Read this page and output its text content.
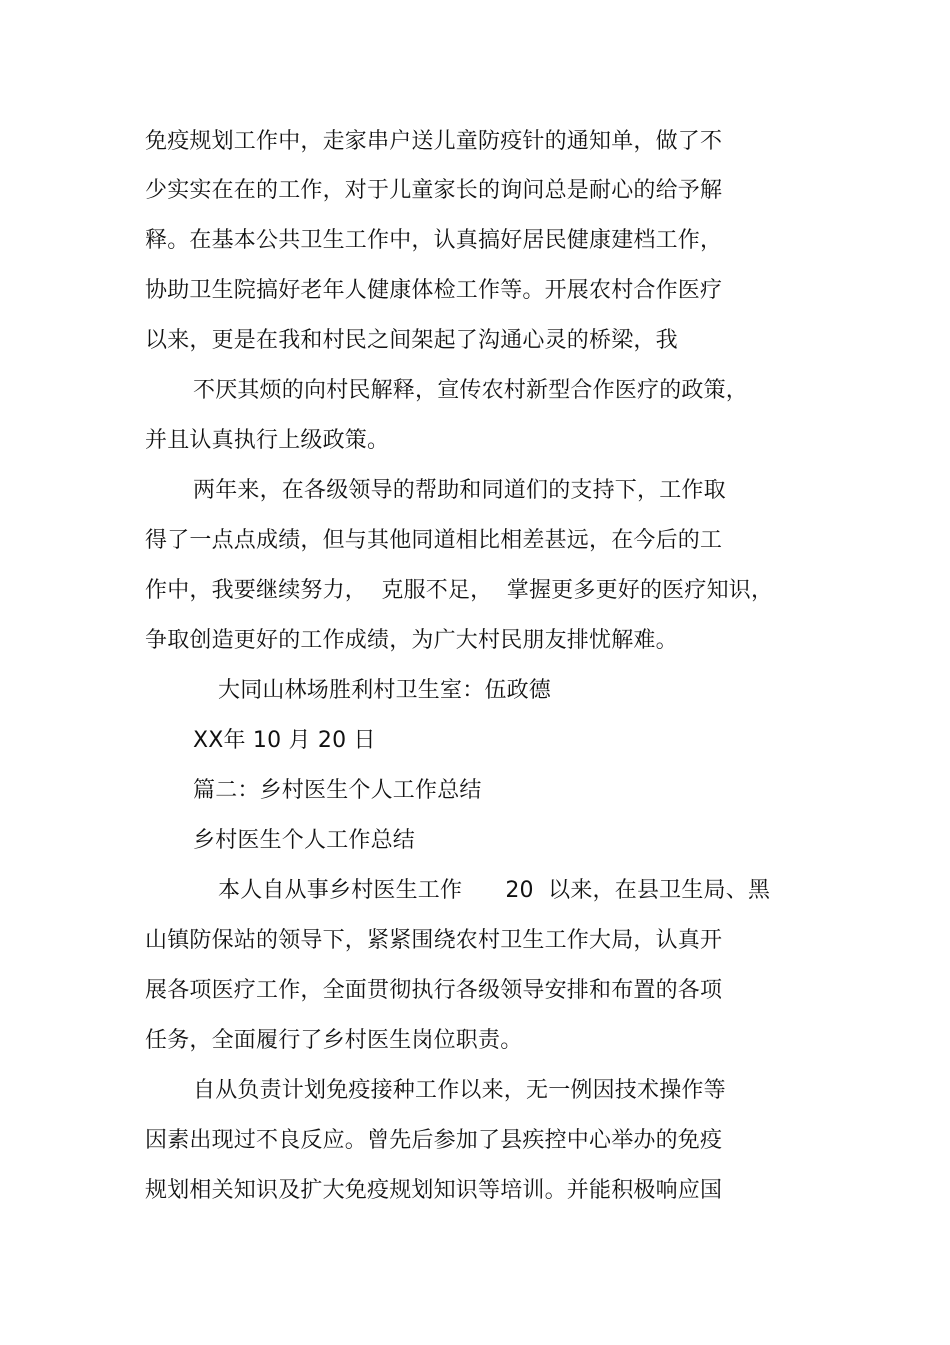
免疫规划工作中，走家串户送儿童防疫针的通知单，做了不
少实实在在的工作，对于儿童家长的询问总是耐心的给予解
释。在基本公共卫生工作中，认真搞好居民健康建档工作，
协助卫生院搞好老年人健康体检工作等。开展农村合作医疗
以来，更是在我和村民之间架起了沟通心灵的桥梁，我
不厌其烦的向村民解释，宣传农村新型合作医疗的政策，
并且认真执行上级政策。
两年来，在各级领导的帮助和同道们的支持下，工作取
得了一点点成绩，但与其他同道相比相差甚远，在今后的工
作中，我要继续努力，  克服不足，  掌握更多更好的医疗知识，
争取创造更好的工作成绩，为广大村民朋友排忧解难。
大同山林场胜利村卫生室：伍政德
XX年 10 月 20 日
篇二：乡村医生个人工作总结
乡村医生个人工作总结
本人自从事乡村医生工作      20  以来，在县卫生局、黑
山镇防保站的领导下，紧紧围绕农村卫生工作大局，认真开
展各项医疗工作，全面贯彻执行各级领导安排和布置的各项
任务，全面履行了乡村医生岗位职责。
自从负责计划免疫接种工作以来，无一例因技术操作等
因素出现过不良反应。曾先后参加了县疾控中心举办的免疫
规划相关知识及扩大免疫规划知识等培训。并能积极响应国
